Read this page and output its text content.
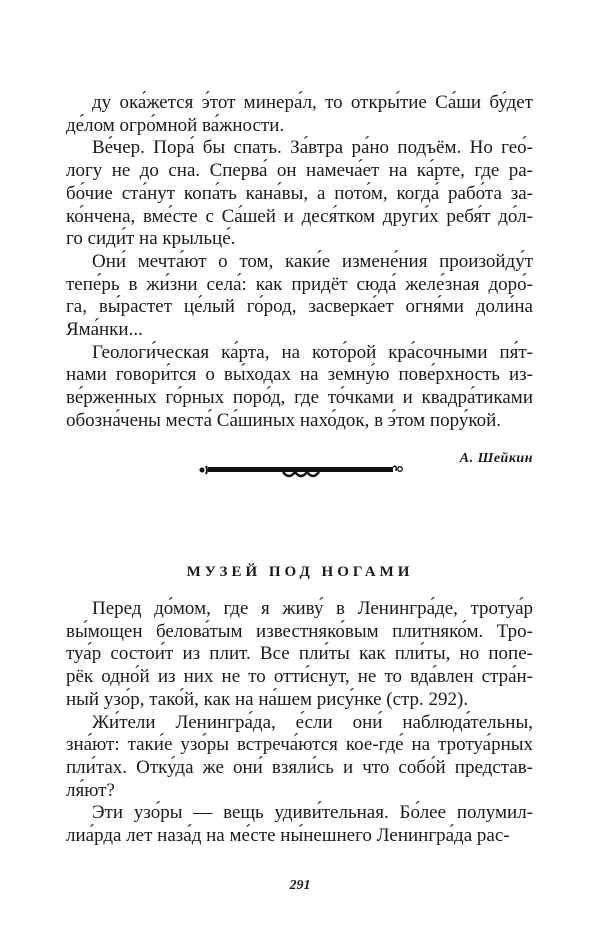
ду ока́жется э́тот минера́л, то откры́тие Са́ши бу́дет
де́лом огро́мной ва́жности.
Ве́чер. Пора́ бы спать. За́втра ра́но подъём. Но гео́-
логу не до сна. Сперва́ он намеча́ет на ка́рте, где ра-
бо́чие ста́нут копа́ть кана́вы, а пото́м, когда́ рабо́та за-
ко́нчена, вме́сте с Са́шей и деся́тком други́х ребя́т до́л-
го сиди́т на крыльце́.
Они́ мечта́ют о том, каки́е измене́ния произойду́т
тепе́рь в жи́зни села́: как придёт сюда́ желе́зная доро́-
га, вы́растет це́лый го́род, засверка́ет огня́ми доли́на
Яма́нки...
Геологи́ческая ка́рта, на кото́рой кра́сочными пя́т-
нами говори́тся о вы́ходах на земну́ю пове́рхность из-
ве́рженных го́рных поро́д, где то́чками и квадра́тиками
обозна́чены места́ Са́шиных нахо́док, в э́том пору́кой.
А. Шейкин
МУЗЕЙ ПОД НОГАМИ
Перед до́мом, где я живу́ в Ленингра́де, тротуа́р
вы́мощен белова́тым известняко́вым плитняко́м. Тро-
туа́р состои́т из плит. Все пли́ты как пли́ты, но попе-
рёк одно́й из них не то отти́снут, не то вда́влен стра́н-
ный узо́р, тако́й, как на на́шем рису́нке (стр. 292).
Жи́тели Ленингра́да, е́сли они́ наблюда́тельны,
зна́ют: таки́е узо́ры встреча́ются кое-где́ на тротуа́рных
пли́тах. Отку́да же они́ взяли́сь и что собо́й представ-
ля́ют?
Эти узо́ры — вещь удиви́тельная. Бо́лее полумил-
лиа́рда лет наза́д на ме́сте ны́нешнего Ленингра́да рас-
291
